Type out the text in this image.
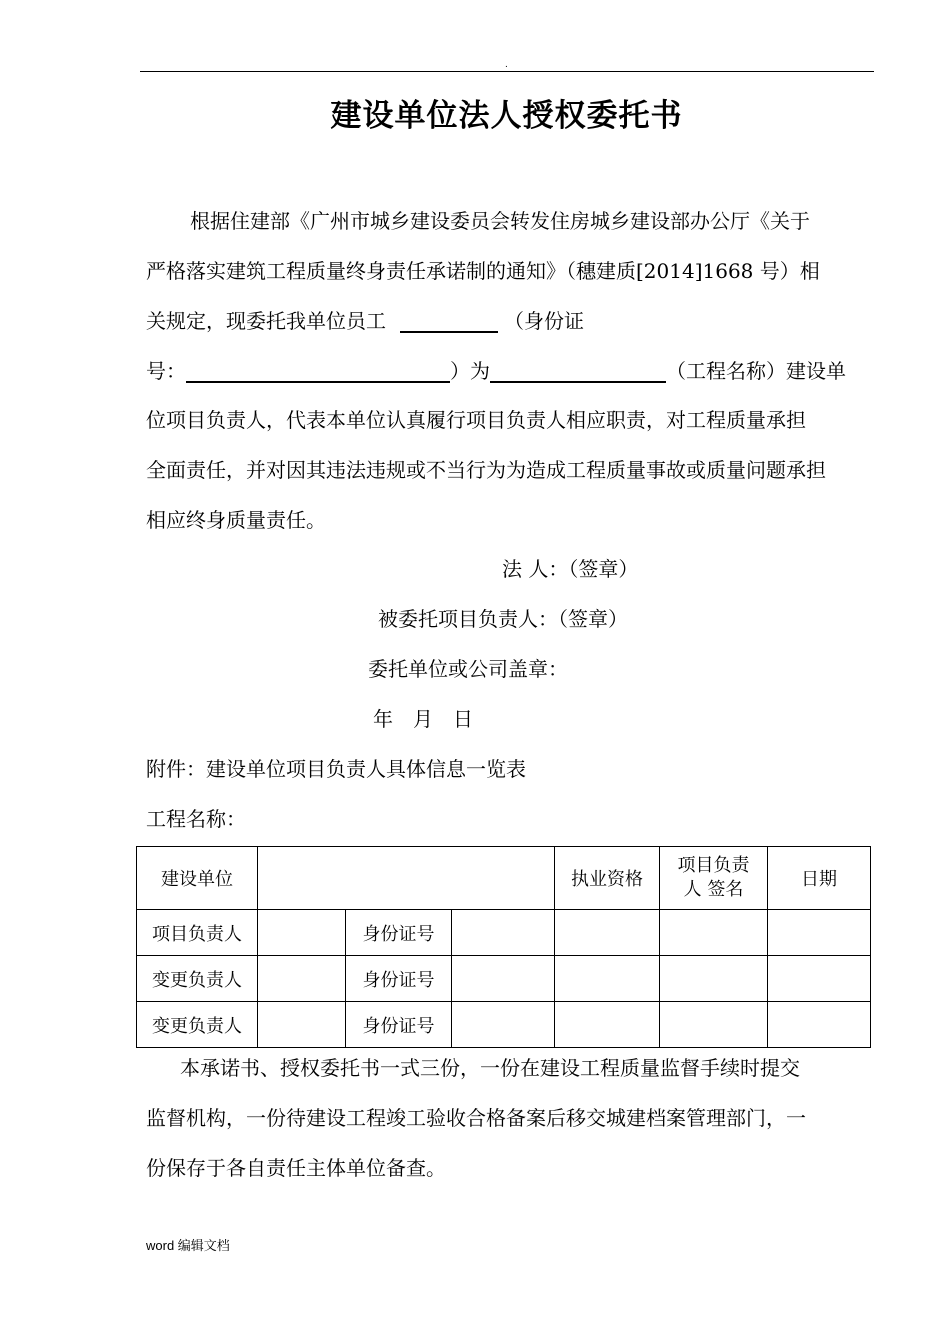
.
建设单位法人授权委托书
根据住建部《广州市城乡建设委员会转发住房城乡建设部办公厅《关于
严格落实建筑工程质量终身责任承诺制的通知》（穗建质[2014]1668 号）相
关规定，现委托我单位员工	（身份证
号：	）为	（工程名称）建设单
位项目负责人，代表本单位认真履行项目负责人相应职责，对工程质量承担
全面责任，并对因其违法违规或不当行为为造成工程质量事故或质量问题承担
相应终身质量责任。
法 人：（签章）
被委托项目负责人：（签章）
委托单位或公司盖章：
年　月　日
附件：建设单位项目负责人具体信息一览表
工程名称：
建设单位				执业资格	项目负责
人 签名	日期
项目负责人		身份证号				
变更负责人		身份证号				
变更负责人		身份证号				
本承诺书、授权委托书一式三份，一份在建设工程质量监督手续时提交
监督机构，一份待建设工程竣工验收合格备案后移交城建档案管理部门，一
份保存于各自责任主体单位备查。
word 编辑文档
